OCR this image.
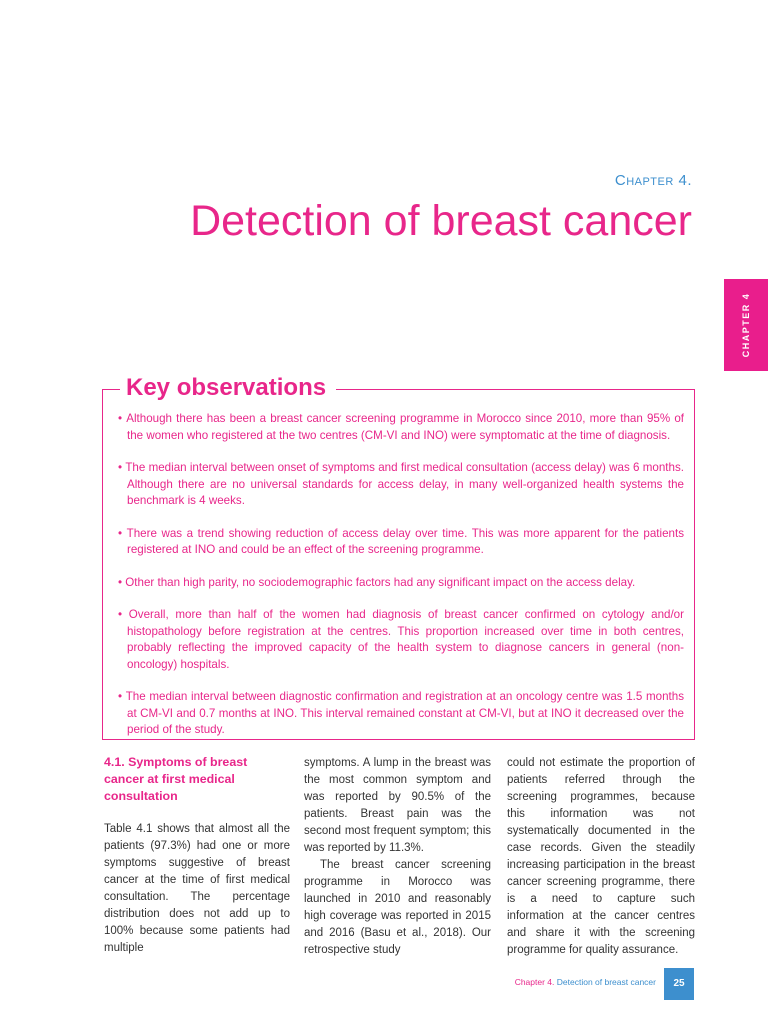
Chapter 4.
Detection of breast cancer
CHAPTER 4
Key observations
• Although there has been a breast cancer screening programme in Morocco since 2010, more than 95% of the women who registered at the two centres (CM-VI and INO) were symptomatic at the time of diagnosis.
• The median interval between onset of symptoms and first medical consultation (access delay) was 6 months. Although there are no universal standards for access delay, in many well-organized health systems the benchmark is 4 weeks.
• There was a trend showing reduction of access delay over time. This was more apparent for the patients registered at INO and could be an effect of the screening programme.
• Other than high parity, no sociodemographic factors had any significant impact on the access delay.
• Overall, more than half of the women had diagnosis of breast cancer confirmed on cytology and/or histopathology before registration at the centres. This proportion increased over time in both centres, probably reflecting the improved capacity of the health system to diagnose cancers in general (non-oncology) hospitals.
• The median interval between diagnostic confirmation and registration at an oncology centre was 1.5 months at CM-VI and 0.7 months at INO. This interval remained constant at CM-VI, but at INO it decreased over the period of the study.
4.1. Symptoms of breast cancer at first medical consultation

Table 4.1 shows that almost all the patients (97.3%) had one or more symptoms suggestive of breast cancer at the time of first medical consultation. The percentage distribution does not add up to 100% because some patients had multiple

symptoms. A lump in the breast was the most common symptom and was reported by 90.5% of the patients. Breast pain was the second most frequent symptom; this was reported by 11.3%.

The breast cancer screening programme in Morocco was launched in 2010 and reasonably high coverage was reported in 2015 and 2016 (Basu et al., 2018). Our retrospective study

could not estimate the proportion of patients referred through the screening programmes, because this information was not systematically documented in the case records. Given the steadily increasing participation in the breast cancer screening programme, there is a need to capture such information at the cancer centres and share it with the screening programme for quality assurance.

Chapter 4. Detection of breast cancer	25
